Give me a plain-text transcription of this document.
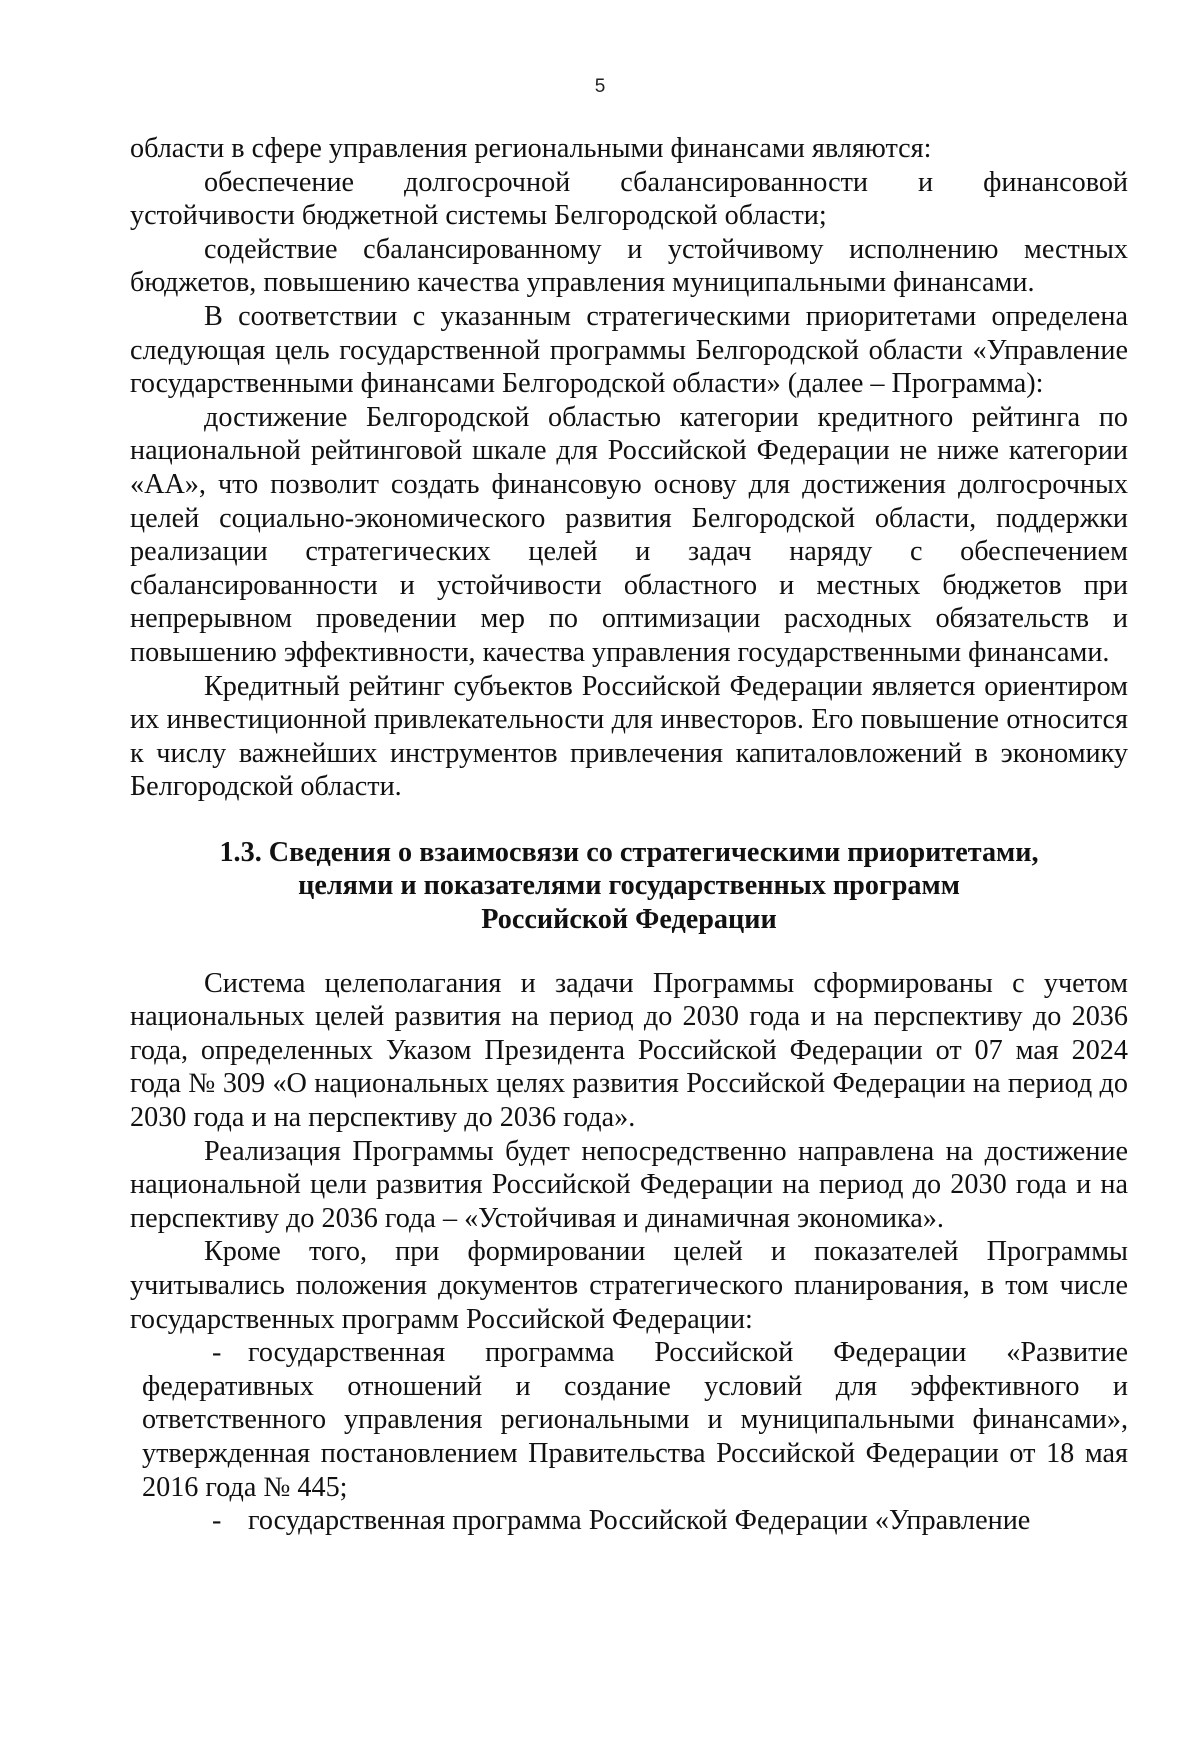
5

области в сфере управления региональными финансами являются:

обеспечение долгосрочной сбалансированности и финансовой устойчивости бюджетной системы Белгородской области;

содействие сбалансированному и устойчивому исполнению местных бюджетов, повышению качества управления муниципальными финансами.

В соответствии с указанным стратегическими приоритетами определена следующая цель государственной программы Белгородской области «Управление государственными финансами Белгородской области» (далее – Программа):

достижение Белгородской областью категории кредитного рейтинга по национальной рейтинговой шкале для Российской Федерации не ниже категории «АА», что позволит создать финансовую основу для достижения долгосрочных целей социально-экономического развития Белгородской области, поддержки реализации стратегических целей и задач наряду с обеспечением сбалансированности и устойчивости областного и местных бюджетов при непрерывном проведении мер по оптимизации расходных обязательств и повышению эффективности, качества управления государственными финансами.

Кредитный рейтинг субъектов Российской Федерации является ориентиром их инвестиционной привлекательности для инвесторов. Его повышение относится к числу важнейших инструментов привлечения капиталовложений в экономику Белгородской области.

1.3. Сведения о взаимосвязи со стратегическими приоритетами,
целями и показателями государственных программ
Российской Федерации

Система целеполагания и задачи Программы сформированы с учетом национальных целей развития на период до 2030 года и на перспективу до 2036 года, определенных Указом Президента Российской Федерации от 07 мая 2024 года № 309 «О национальных целях развития Российской Федерации на период до 2030 года и на перспективу до 2036 года».

Реализация Программы будет непосредственно направлена на достижение национальной цели развития Российской Федерации на период до 2030 года и на перспективу до 2036 года – «Устойчивая и динамичная экономика».

Кроме того, при формировании целей и показателей Программы учитывались положения документов стратегического планирования, в том числе государственных программ Российской Федерации:

- государственная программа Российской Федерации «Развитие федеративных отношений и создание условий для эффективного и ответственного управления региональными и муниципальными финансами», утвержденная постановлением Правительства Российской Федерации от 18 мая 2016 года № 445;
- государственная программа Российской Федерации «Управление
